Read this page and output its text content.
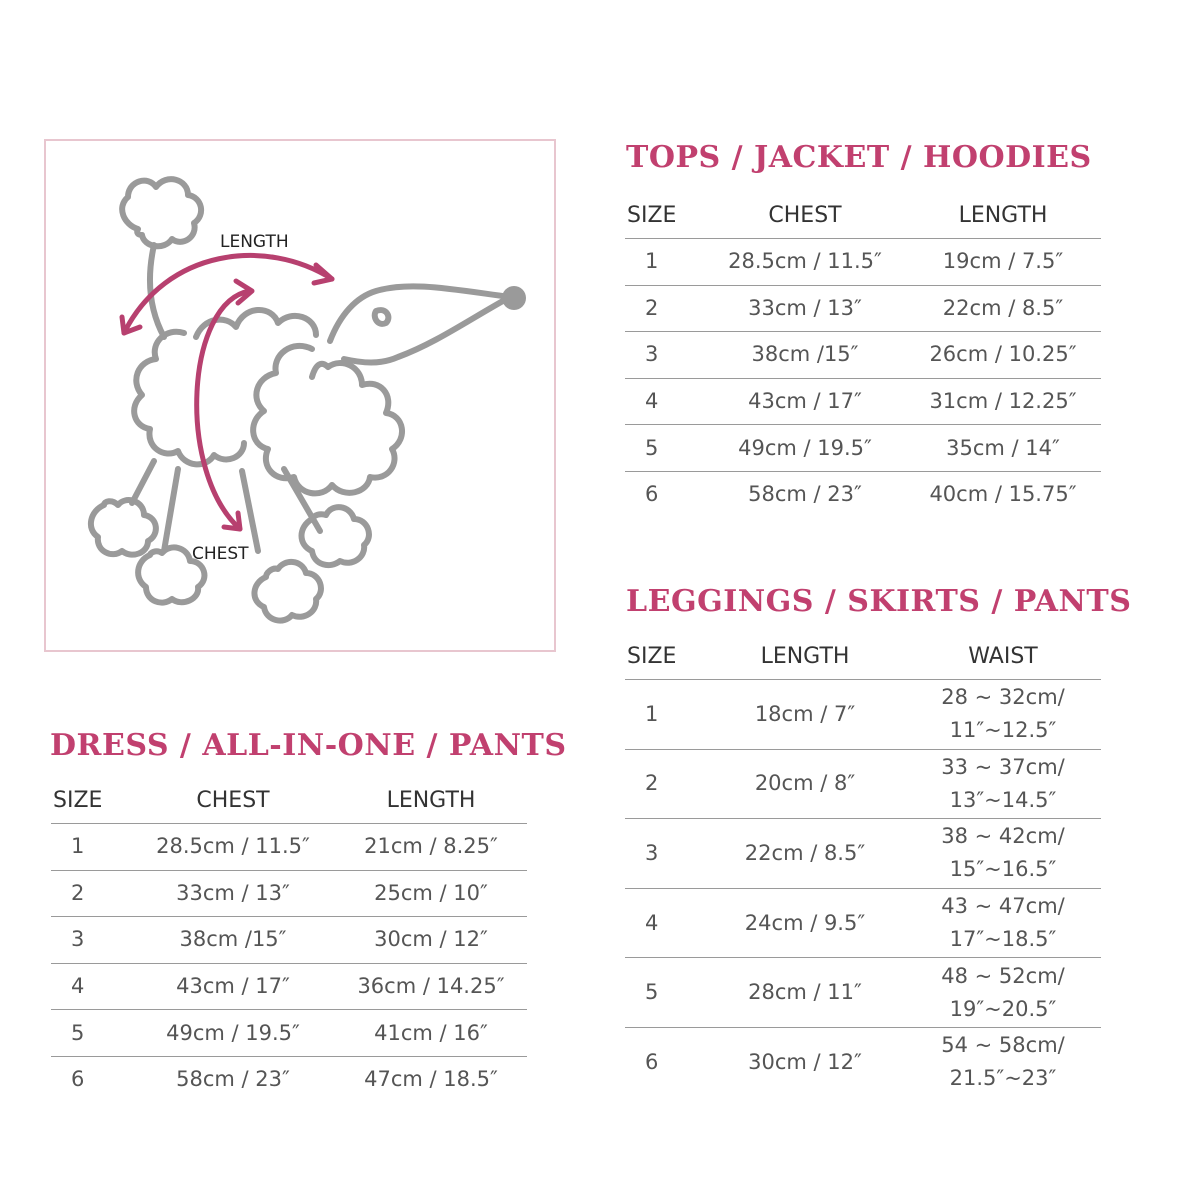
LENGTH
CHEST
TOPS / JACKET / HOODIES
SIZE	CHEST	LENGTH
1	28.5cm / 11.5″	19cm / 7.5″
2	33cm / 13″	22cm / 8.5″
3	38cm /15″	26cm / 10.25″
4	43cm / 17″	31cm / 12.25″
5	49cm / 19.5″	35cm / 14″
6	58cm / 23″	40cm / 15.75″
LEGGINGS / SKIRTS / PANTS
SIZE	LENGTH	WAIST
1	18cm / 7″	28 ~ 32cm/
11″~12.5″

2	20cm / 8″	33 ~ 37cm/
13″~14.5″

3	22cm / 8.5″	38 ~ 42cm/
15″~16.5″

4	24cm / 9.5″	43 ~ 47cm/
17″~18.5″

5	28cm / 11″	48 ~ 52cm/
19″~20.5″

6	30cm / 12″	54 ~ 58cm/
21.5″~23″
DRESS / ALL-IN-ONE / PANTS
SIZE	CHEST	LENGTH
1	28.5cm / 11.5″	21cm / 8.25″
2	33cm / 13″	25cm / 10″
3	38cm /15″	30cm / 12″
4	43cm / 17″	36cm / 14.25″
5	49cm / 19.5″	41cm / 16″
6	58cm / 23″	47cm / 18.5″
